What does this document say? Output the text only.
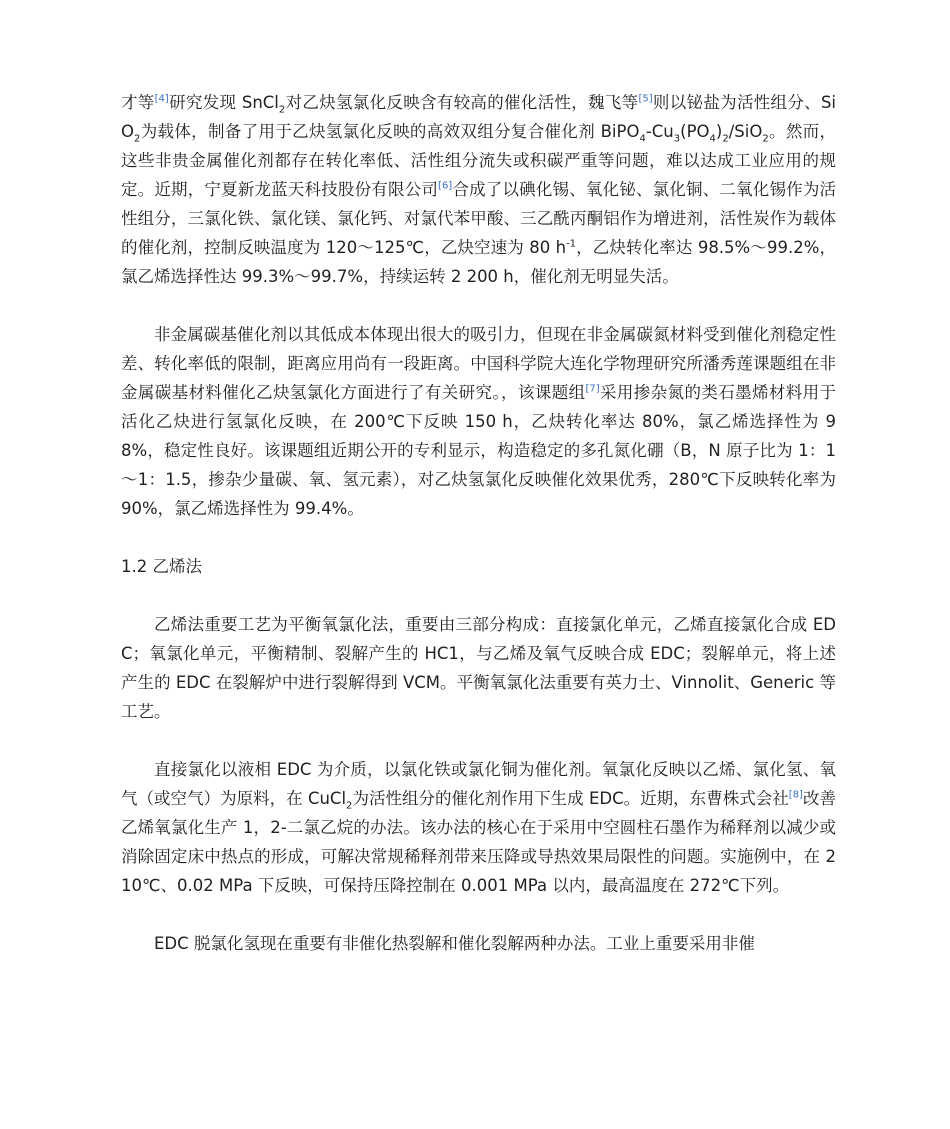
才等[4]研究发现 SnCl$_2$对乙炔氢氯化反映含有较高的催化活性，魏飞等[5]则以铋盐为活性组分、SiO$_2$为载体，制备了用于乙炔氢氯化反映的高效双组分复合催化剂 $BiPO_4-Cu_3(PO_4)_2/SiO_2$。然而，这些非贵金属催化剂都存在转化率低、活性组分流失或积碳严重等问题，难以达成工业应用的规定。近期，宁夏新龙蓝天科技股份有限公司[6]合成了以碘化锡、氧化铋、氯化铜、二氧化锡作为活性组分，三氯化铁、氯化镁、氯化钙、对氯代苯甲酸、三乙酰丙酮铝作为增进剂，活性炭作为载体的催化剂，控制反映温度为 120～125℃，乙炔空速为 80 $h^{-1}$，乙炔转化率达 98.5%～99.2%，氯乙烯选择性达 99.3%～99.7%，持续运转 2 200 h，催化剂无明显失活。

非金属碳基催化剂以其低成本体现出很大的吸引力，但现在非金属碳氮材料受到催化剂稳定性差、转化率低的限制，距离应用尚有一段距离。中国科学院大连化学物理研究所潘秀莲课题组在非金属碳基材料催化乙炔氢氯化方面进行了有关研究。，该课题组[7]采用掺杂氮的类石墨烯材料用于活化乙炔进行氢氯化反映，在 200℃下反映 150 h，乙炔转化率达 80%，氯乙烯选择性为 98%，稳定性良好。该课题组近期公开的专利显示，构造稳定的多孔氮化硼（B，N 原子比为 1：1～1：1.5，掺杂少量碳、氧、氢元素），对乙炔氢氯化反映催化效果优秀，280℃下反映转化率为 90%，氯乙烯选择性为 99.4%。

1.2 乙烯法

乙烯法重要工艺为平衡氧氯化法，重要由三部分构成：直接氯化单元，乙烯直接氯化合成 EDC；氧氯化单元，平衡精制、裂解产生的 HC1，与乙烯及氧气反映合成 EDC；裂解单元，将上述产生的 EDC 在裂解炉中进行裂解得到 VCM。平衡氧氯化法重要有英力士、Vinnolit、Generic 等工艺。

直接氯化以液相 EDC 为介质，以氯化铁或氯化铜为催化剂。氧氯化反映以乙烯、氯化氢、氧气（或空气）为原料，在 CuCl$_2$为活性组分的催化剂作用下生成 EDC。近期，东曹株式会社[8]改善乙烯氧氯化生产 1，2-二氯乙烷的办法。该办法的核心在于采用中空圆柱石墨作为稀释剂以减少或消除固定床中热点的形成，可解决常规稀释剂带来压降或导热效果局限性的问题。实施例中，在 210℃、0.02 MPa 下反映，可保持压降控制在 0.001 MPa 以内，最高温度在 272℃下列。

EDC 脱氯化氢现在重要有非催化热裂解和催化裂解两种办法。工业上重要采用非催
